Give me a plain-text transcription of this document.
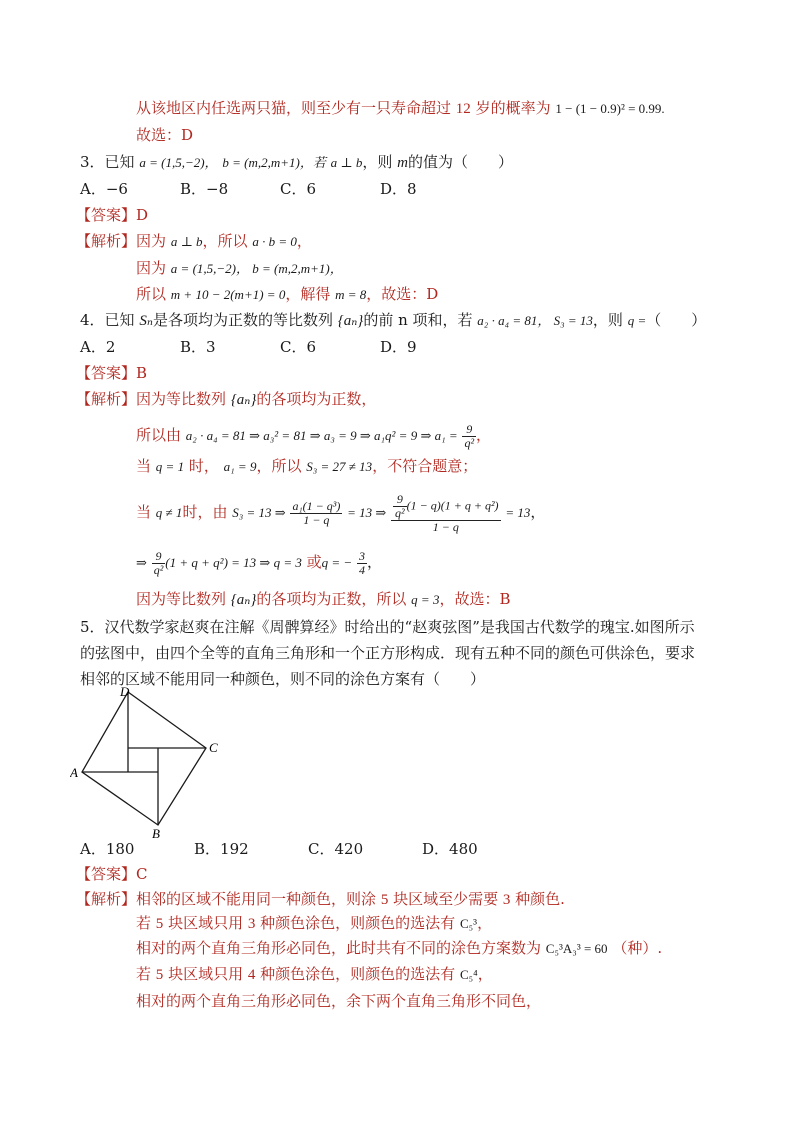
从该地区内任选两只猫，则至少有一只寿命超过 12 岁的概率为 1 − (1 − 0.9)² = 0.99.
故选：D
3．已知 a = (1,5,−2)， b = (m,2,m+1)，若 a ⊥ b，则 m的值为（　　）
A．−6	B．−8	C．6	D．8
【答案】D
【解析】因为 a ⊥ b，所以 a · b = 0，
因为 a = (1,5,−2)， b = (m,2,m+1)，
所以 m + 10 − 2(m+1) = 0，解得 m = 8，故选：D
4．已知 Sₙ是各项均为正数的等比数列 {aₙ}的前 n 项和，若 a₂ · a₄ = 81， S₃ = 13，则 q =（　　）
A．2	B．3	C．6	D．9
【答案】B
【解析】因为等比数列 {aₙ}的各项均为正数，
所以由 a₂ · a₄ = 81 ⇒ a₃² = 81 ⇒ a₃ = 9 ⇒ a₁q² = 9 ⇒ $a_1 = \frac{9}{\text{q²}}$ ，
当 q = 1 时， a₁ = 9，所以 S₃ = 27 ≠ 13，不符合题意；
当 q ≠ 1时，由 S₃ = 13 ⇒ $\frac{\text{a₁(1 − q³)}}{1 - q} = 13$ ⇒ $\frac{\frac{9}{\text{q²}} (1 - q)(1 + q + q^2)}{1 - q} = 13$，
⇒ $\frac{9}{\text{q²}} (1 + q + q^2) = 13$ ⇒ q = 3 或q = − $\frac{3}{4}$ ，
因为等比数列 {aₙ}的各项均为正数，所以 q = 3，故选：B
5．汉代数学家赵爽在注解《周髀算经》时给出的“赵爽弦图”是我国古代数学的瑰宝.如图所示
的弦图中，由四个全等的直角三角形和一个正方形构成．现有五种不同的颜色可供涂色，要求
相邻的区域不能用同一种颜色，则不同的涂色方案有（　　）
D
C
A
B
A．180	B．192	C．420	D．480
【答案】C
【解析】相邻的区域不能用同一种颜色，则涂 5 块区域至少需要 3 种颜色.
若 5 块区域只用 3 种颜色涂色，则颜色的选法有 C₅³，
相对的两个直角三角形必同色，此时共有不同的涂色方案数为 C₅³A₃³ = 60 （种）.
若 5 块区域只用 4 种颜色涂色，则颜色的选法有 C₅⁴，
相对的两个直角三角形必同色，余下两个直角三角形不同色，
